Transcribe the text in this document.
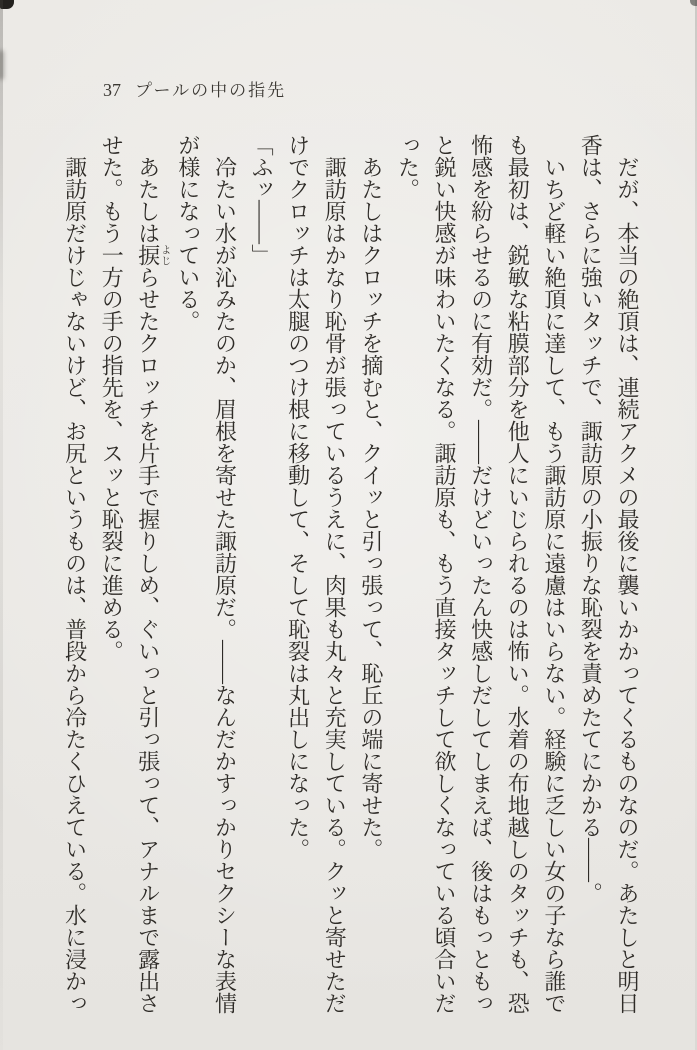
37 プールの中の指先

だが、本当の絶頂は、連続アクメの最後に襲いかかってくるものなのだ。あたしと明日香は、さらに強いタッチで、諏訪原の小振りな恥裂を責めたてにかかる――。

いちど軽い絶頂に達して、もう諏訪原に遠慮はいらない。経験に乏しい女の子なら誰でも最初は、鋭敏な粘膜部分を他人にいじられるのは怖い。水着の布地越しのタッチも、恐怖感を紛らせるのに有効だ。――だけどいったん快感しだしてしまえば、後はもっともっと鋭い快感が味わいたくなる。諏訪原も、もう直接タッチして欲しくなっている頃合いだった。

あたしはクロッチを摘むと、クイッと引っ張って、恥丘の端に寄せた。

諏訪原はかなり恥骨が張っているうえに、肉果も丸々と充実している。クッと寄せただけでクロッチは太腿のつけ根に移動して、そして恥裂は丸出しになった。

「ふッ――」

冷たい水が沁みたのか、眉根を寄せた諏訪原だ。――なんだかすっかりセクシーな表情が様になっている。

あたしは捩よじらせたクロッチを片手で握りしめ、ぐいっと引っ張って、アナルまで露出させた。もう一方の手の指先を、スッと恥裂に進める。

諏訪原だけじゃないけど、お尻というものは、普段から冷たくひえている。水に浸かっ
